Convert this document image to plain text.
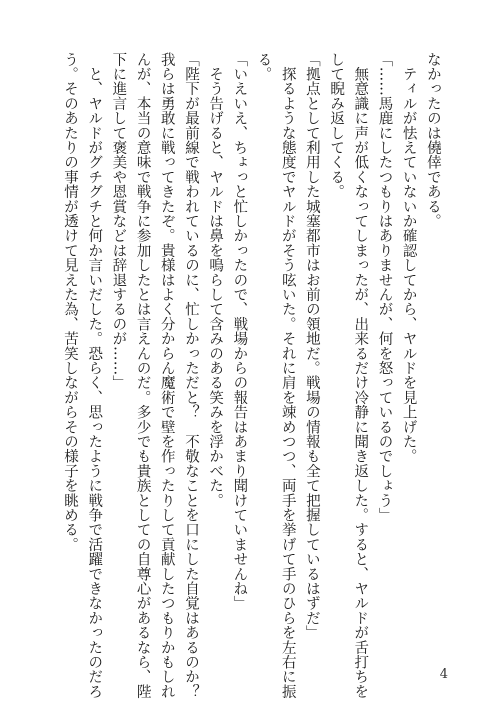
なかったのは僥倖である。
　ティルが怯えていないか確認してから、ヤルドを見上げた。
「……馬鹿にしたつもりはありませんが、何を怒っているのでしょう」
　無意識に声が低くなってしまったが、出来るだけ冷静に聞き返した。すると、ヤルドが舌打ちを
して睨み返してくる。
「拠点として利用した城塞都市はお前の領地だ。戦場の情報も全て把握しているはずだ」
　探るような態度でヤルドがそう呟いた。それに肩を竦めつつ、両手を挙げて手のひらを左右に振
る。
「いえいえ、ちょっと忙しかったので、戦場からの報告はあまり聞けていませんね」
　そう告げると、ヤルドは鼻を鳴らして含みのある笑みを浮かべた。
「陛下が最前線で戦われているのに、忙しかっただと？　不敬なことを口にした自覚はあるのか？
我らは勇敢に戦ってきたぞ。貴様はよく分からん魔術で壁を作ったりして貢献したつもりかもしれ
んが、本当の意味で戦争に参加したとは言えんのだ。多少でも貴族としての自尊心があるなら、陛
下に進言して褒美や恩賞などは辞退するのが……」
　と、ヤルドがグチグチと何か言いだした。恐らく、思ったように戦争で活躍できなかったのだろ
う。そのあたりの事情が透けて見えた為、苦笑しながらその様子を眺める。
4
